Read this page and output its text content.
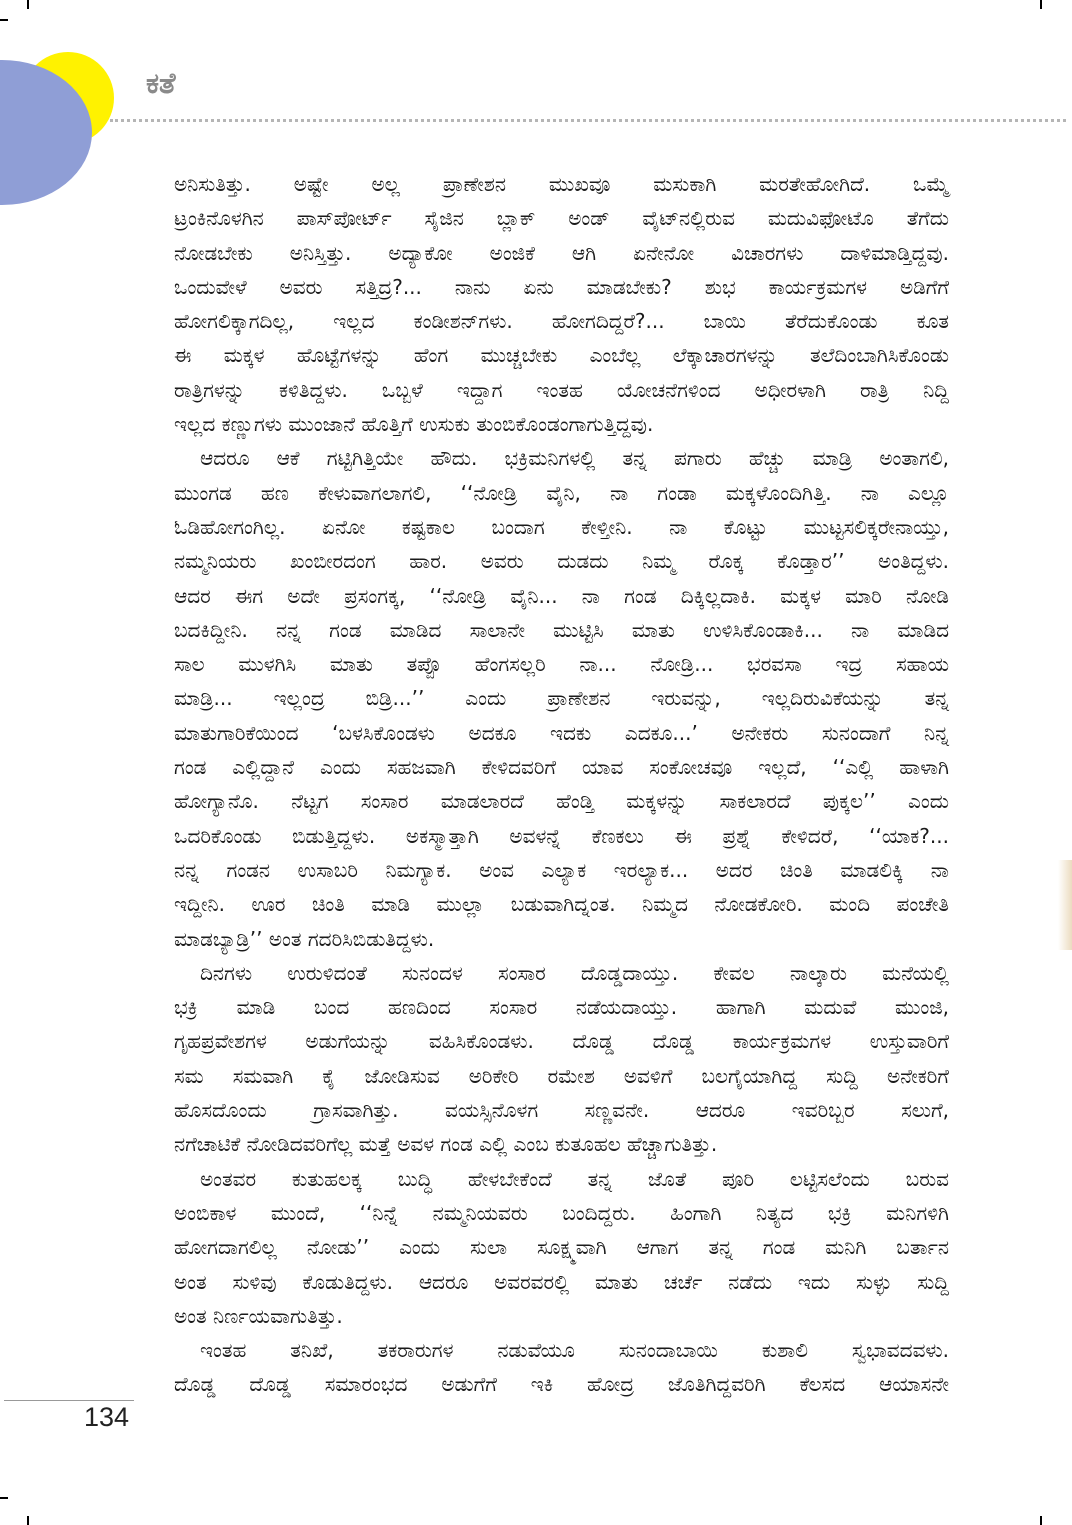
ಕತೆ

ಅನಿಸುತಿತ್ತು. ಅಷ್ಟೇ ಅಲ್ಲ ಪ್ರಾಣೇಶನ ಮುಖವೂ ಮಸುಕಾಗಿ ಮರತೇಹೋಗಿದೆ. ಒಮ್ಮೆ

ಟ್ರಂಕಿನೊಳಗಿನ ಪಾಸ್‌ಪೋರ್ಟ್ ಸೈಜಿನ ಬ್ಲಾಕ್ ಅಂಡ್ ವೈಟ್‌ನಲ್ಲಿರುವ ಮದುವಿಫೋಟೊ ತೆಗೆದು

ನೋಡಬೇಕು ಅನಿಸ್ತಿತ್ತು. ಅದ್ಯಾಕೋ ಅಂಜಿಕೆ ಆಗಿ ಏನೇನೋ ವಿಚಾರಗಳು ದಾಳಿಮಾಡ್ತಿದ್ದವು.

ಒಂದುವೇಳೆ ಅವರು ಸತ್ತಿದ್ರ?... ನಾನು ಏನು ಮಾಡಬೇಕು? ಶುಭ ಕಾರ್ಯಕ್ರಮಗಳ ಅಡಿಗೆಗೆ

ಹೋಗಲಿಕ್ಕಾಗದಿಲ್ಲ, ಇಲ್ಲದ ಕಂಡೀಶನ್‌ಗಳು. ಹೋಗದಿದ್ದರೆ?... ಬಾಯಿ ತೆರೆದುಕೊಂಡು ಕೂತ

ಈ ಮಕ್ಕಳ ಹೊಟ್ಟೆಗಳನ್ನು ಹೆಂಗ ಮುಚ್ಚಬೇಕು ಎಂಬೆಲ್ಲ ಲೆಕ್ಕಾಚಾರಗಳನ್ನು ತಲೆದಿಂಬಾಗಿಸಿಕೊಂಡು

ರಾತ್ರಿಗಳನ್ನು ಕಳಿತಿದ್ದಳು. ಒಬ್ಬಳೆ ಇದ್ದಾಗ ಇಂತಹ ಯೋಚನೆಗಳಿಂದ ಅಧೀರಳಾಗಿ ರಾತ್ರಿ ನಿದ್ದಿ

ಇಲ್ಲದ ಕಣ್ಣುಗಳು ಮುಂಜಾನೆ ಹೊತ್ತಿಗೆ ಉಸುಕು ತುಂಬಿಕೊಂಡಂಗಾಗುತ್ತಿದ್ದವು.

ಆದರೂ ಆಕೆ ಗಟ್ಟಿಗಿತ್ತಿಯೇ ಹೌದು. ಭಕ್ರಿಮನಿಗಳಲ್ಲಿ ತನ್ನ ಪಗಾರು ಹೆಚ್ಚು ಮಾಡ್ರಿ ಅಂತಾಗಲಿ,

ಮುಂಗಡ ಹಣ ಕೇಳುವಾಗಲಾಗಲಿ, ‘‘ನೋಡ್ರಿ ವೈನಿ, ನಾ ಗಂಡಾ ಮಕ್ಕಳೊಂದಿಗಿತ್ತಿ. ನಾ ಎಲ್ಲೂ

ಓಡಿಹೋಗಂಗಿಲ್ಲ. ಏನೋ ಕಷ್ಟಕಾಲ ಬಂದಾಗ ಕೇಳ್ತೀನಿ. ನಾ ಕೊಟ್ಟು ಮುಟ್ಟಸಲಿಕ್ಕರೇನಾಯ್ತು,

ನಮ್ಮನಿಯರು ಖಂಬೀರದಂಗ ಹಾರ. ಅವರು ದುಡದು ನಿಮ್ಮ ರೊಕ್ಕ ಕೊಡ್ತಾರ’’ ಅಂತಿದ್ದಳು.

ಆದರ ಈಗ ಅದೇ ಪ್ರಸಂಗಕ್ಕ, ‘‘ನೋಡ್ರಿ ವೈನಿ... ನಾ ಗಂಡ ದಿಕ್ಕಿಲ್ಲದಾಕಿ. ಮಕ್ಕಳ ಮಾರಿ ನೋಡಿ

ಬದಕಿದ್ದೀನಿ. ನನ್ನ ಗಂಡ ಮಾಡಿದ ಸಾಲಾನೇ ಮುಟ್ಟಿಸಿ ಮಾತು ಉಳಿಸಿಕೊಂಡಾಕಿ... ನಾ ಮಾಡಿದ

ಸಾಲ ಮುಳಗಿಸಿ ಮಾತು ತಪ್ಪೊ ಹೆಂಗಸಲ್ಲರಿ ನಾ... ನೋಡ್ರಿ... ಭರವಸಾ ಇದ್ರ ಸಹಾಯ

ಮಾಡ್ರಿ... ಇಲ್ಲಂದ್ರ ಬಿಡ್ರಿ...’’ ಎಂದು ಪ್ರಾಣೇಶನ ಇರುವನ್ನು, ಇಲ್ಲದಿರುವಿಕೆಯನ್ನು ತನ್ನ

ಮಾತುಗಾರಿಕೆಯಿಂದ ‘ಬಳಸಿಕೊಂಡಳು ಅದಕೂ ಇದಕು ಎದಕೂ...’ ಅನೇಕರು ಸುನಂದಾಗೆ ನಿನ್ನ

ಗಂಡ ಎಲ್ಲಿದ್ದಾನೆ ಎಂದು ಸಹಜವಾಗಿ ಕೇಳಿದವರಿಗೆ ಯಾವ ಸಂಕೋಚವೂ ಇಲ್ಲದೆ, ‘‘ಎಲ್ಲಿ ಹಾಳಾಗಿ

ಹೋಗ್ಯಾನೊ. ನೆಟ್ಟಗ ಸಂಸಾರ ಮಾಡಲಾರದೆ ಹೆಂಡ್ತಿ ಮಕ್ಕಳನ್ನು ಸಾಕಲಾರದೆ ಪುಕ್ಕಲ’’ ಎಂದು

ಒದರಿಕೊಂಡು ಬಿಡುತ್ತಿದ್ದಳು. ಅಕಸ್ಮಾತ್ತಾಗಿ ಅವಳನ್ನೆ ಕೆಣಕಲು ಈ ಪ್ರಶ್ನೆ ಕೇಳಿದರೆ, ‘‘ಯಾಕ?...

ನನ್ನ ಗಂಡನ ಉಸಾಬರಿ ನಿಮಗ್ಯಾಕ. ಅಂವ ಎಲ್ಯಾಕ ಇರಲ್ಯಾಕ... ಅದರ ಚಿಂತಿ ಮಾಡಲಿಕ್ಕಿ ನಾ

ಇದ್ದೀನಿ. ಊರ ಚಿಂತಿ ಮಾಡಿ ಮುಲ್ಲಾ ಬಡುವಾಗಿದ್ನಂತ. ನಿಮ್ಮದ ನೋಡಕೋರಿ. ಮಂದಿ ಪಂಚೇತಿ

ಮಾಡಬ್ಯಾಡ್ರಿ’’ ಅಂತ ಗದರಿಸಿಬಿಡುತಿದ್ದಳು.

ದಿನಗಳು ಉರುಳಿದಂತೆ ಸುನಂದಳ ಸಂಸಾರ ದೊಡ್ಡದಾಯ್ತು. ಕೇವಲ ನಾಲ್ಕಾರು ಮನೆಯಲ್ಲಿ

ಭಕ್ರಿ ಮಾಡಿ ಬಂದ ಹಣದಿಂದ ಸಂಸಾರ ನಡೆಯದಾಯ್ತು. ಹಾಗಾಗಿ ಮದುವೆ ಮುಂಜಿ,

ಗೃಹಪ್ರವೇಶಗಳ ಅಡುಗೆಯನ್ನು ವಹಿಸಿಕೊಂಡಳು. ದೊಡ್ಡ ದೊಡ್ಡ ಕಾರ್ಯಕ್ರಮಗಳ ಉಸ್ತುವಾರಿಗೆ

ಸಮ ಸಮವಾಗಿ ಕೈ ಜೋಡಿಸುವ ಅರಿಕೇರಿ ರಮೇಶ ಅವಳಿಗೆ ಬಲಗೈಯಾಗಿದ್ದ ಸುದ್ದಿ ಅನೇಕರಿಗೆ

ಹೊಸದೊಂದು ಗ್ರಾಸವಾಗಿತ್ತು. ವಯಸ್ಸಿನೊಳಗ ಸಣ್ಣವನೇ. ಆದರೂ ಇವರಿಬ್ಬರ ಸಲುಗೆ,

ನಗೆಚಾಟಿಕೆ ನೋಡಿದವರಿಗೆಲ್ಲ ಮತ್ತೆ ಅವಳ ಗಂಡ ಎಲ್ಲಿ ಎಂಬ ಕುತೂಹಲ ಹೆಚ್ಚಾಗುತಿತ್ತು.

ಅಂತವರ ಕುತುಹಲಕ್ಕ ಬುದ್ಧಿ ಹೇಳಬೇಕೆಂದೆ ತನ್ನ ಜೊತೆ ಪೂರಿ ಲಟ್ಟಿಸಲೆಂದು ಬರುವ

ಅಂಬಿಕಾಳ ಮುಂದೆ, ‘‘ನಿನ್ನೆ ನಮ್ಮನಿಯವರು ಬಂದಿದ್ದರು. ಹಿಂಗಾಗಿ ನಿತ್ಯದ ಭಕ್ರಿ ಮನಿಗಳಿಗಿ

ಹೋಗದಾಗಲಿಲ್ಲ ನೋಡು’’ ಎಂದು ಸುಲಾ ಸೂಕ್ಷ್ಮವಾಗಿ ಆಗಾಗ ತನ್ನ ಗಂಡ ಮನಿಗಿ ಬರ್ತಾನ

ಅಂತ ಸುಳಿವು ಕೊಡುತಿದ್ದಳು. ಆದರೂ ಅವರವರಲ್ಲಿ ಮಾತು ಚರ್ಚೆ ನಡೆದು ಇದು ಸುಳ್ಳು ಸುದ್ದಿ

ಅಂತ ನಿರ್ಣಯವಾಗುತಿತ್ತು.

ಇಂತಹ ತನಿಖೆ, ತಕರಾರುಗಳ ನಡುವೆಯೂ ಸುನಂದಾಬಾಯಿ ಕುಶಾಲಿ ಸ್ವಭಾವದವಳು.

ದೊಡ್ಡ ದೊಡ್ಡ ಸಮಾರಂಭದ ಅಡುಗೆಗೆ ಇಕಿ ಹೋದ್ರ ಜೊತಿಗಿದ್ದವರಿಗಿ ಕೆಲಸದ ಆಯಾಸನೇ

134
